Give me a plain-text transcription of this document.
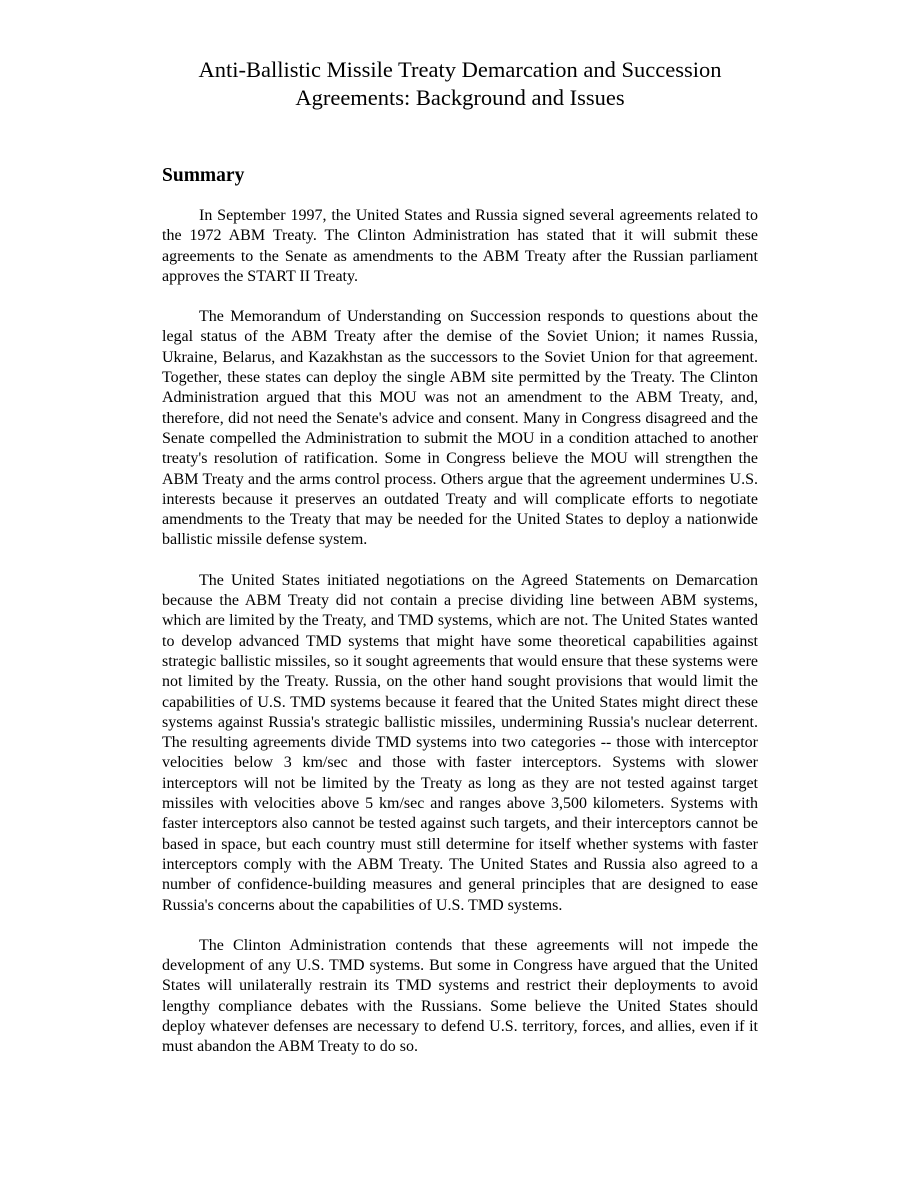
Anti-Ballistic Missile Treaty Demarcation and Succession
Agreements: Background and Issues
Summary

In September 1997, the United States and Russia signed several agreements related to the 1972 ABM Treaty. The Clinton Administration has stated that it will submit these agreements to the Senate as amendments to the ABM Treaty after the Russian parliament approves the START II Treaty.

The Memorandum of Understanding on Succession responds to questions about the legal status of the ABM Treaty after the demise of the Soviet Union; it names Russia, Ukraine, Belarus, and Kazakhstan as the successors to the Soviet Union for that agreement. Together, these states can deploy the single ABM site permitted by the Treaty. The Clinton Administration argued that this MOU was not an amendment to the ABM Treaty, and, therefore, did not need the Senate's advice and consent. Many in Congress disagreed and the Senate compelled the Administration to submit the MOU in a condition attached to another treaty's resolution of ratification. Some in Congress believe the MOU will strengthen the ABM Treaty and the arms control process. Others argue that the agreement undermines U.S. interests because it preserves an outdated Treaty and will complicate efforts to negotiate amendments to the Treaty that may be needed for the United States to deploy a nationwide ballistic missile defense system.

The United States initiated negotiations on the Agreed Statements on Demarcation because the ABM Treaty did not contain a precise dividing line between ABM systems, which are limited by the Treaty, and TMD systems, which are not. The United States wanted to develop advanced TMD systems that might have some theoretical capabilities against strategic ballistic missiles, so it sought agreements that would ensure that these systems were not limited by the Treaty. Russia, on the other hand sought provisions that would limit the capabilities of U.S. TMD systems because it feared that the United States might direct these systems against Russia's strategic ballistic missiles, undermining Russia's nuclear deterrent. The resulting agreements divide TMD systems into two categories -- those with interceptor velocities below 3 km/sec and those with faster interceptors. Systems with slower interceptors will not be limited by the Treaty as long as they are not tested against target missiles with velocities above 5 km/sec and ranges above 3,500 kilometers. Systems with faster interceptors also cannot be tested against such targets, and their interceptors cannot be based in space, but each country must still determine for itself whether systems with faster interceptors comply with the ABM Treaty. The United States and Russia also agreed to a number of confidence-building measures and general principles that are designed to ease Russia's concerns about the capabilities of U.S. TMD systems.

The Clinton Administration contends that these agreements will not impede the development of any U.S. TMD systems. But some in Congress have argued that the United States will unilaterally restrain its TMD systems and restrict their deployments to avoid lengthy compliance debates with the Russians. Some believe the United States should deploy whatever defenses are necessary to defend U.S. territory, forces, and allies, even if it must abandon the ABM Treaty to do so.
